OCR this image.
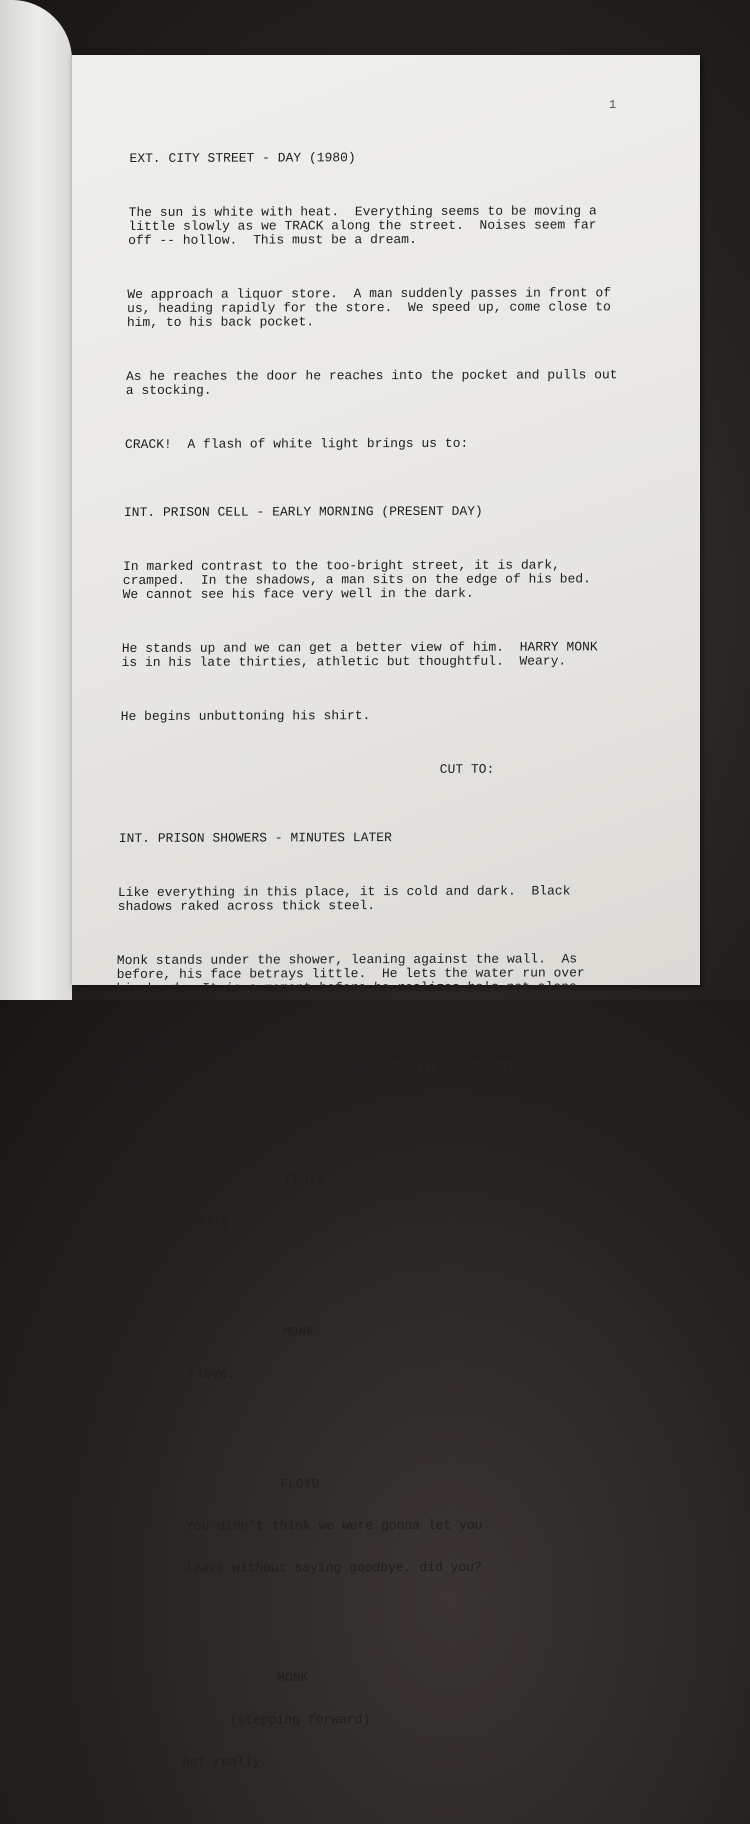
1

EXT. CITY STREET - DAY (1980)

The sun is white with heat.  Everything seems to be moving a
little slowly as we TRACK along the street.  Noises seem far
off -- hollow.  This must be a dream.

We approach a liquor store.  A man suddenly passes in front of
us, heading rapidly for the store.  We speed up, come close to
him, to his back pocket.

As he reaches the door he reaches into the pocket and pulls out
a stocking.

CRACK!  A flash of white light brings us to:

INT. PRISON CELL - EARLY MORNING (PRESENT DAY)

In marked contrast to the too-bright street, it is dark,
cramped.  In the shadows, a man sits on the edge of his bed.
We cannot see his face very well in the dark.

He stands up and we can get a better view of him.  HARRY MONK
is in his late thirties, athletic but thoughtful.  Weary.

He begins unbuttoning his shirt.

CUT TO:

INT. PRISON SHOWERS - MINUTES LATER

Like everything in this place, it is cold and dark.  Black
shadows raked across thick steel.

Monk stands under the shower, leaning against the wall.  As
before, his face betrays little.  He lets the water run over
his head.  It is a moment before he realizes he's not alone.

An unsavory looking group of about six men stand several feet
away, staring at him.  At its head are the prodigious FLOYD and
his addled junkie side-kick SHARKY.  Unlike Monk, they are all
dressed.

FLOYD

Harry.

MONK

Floyd.

FLOYD

You didn't think we were gonna let you

leave without saying goodbye, did you?

MONK

(stepping forward)

Not really.
